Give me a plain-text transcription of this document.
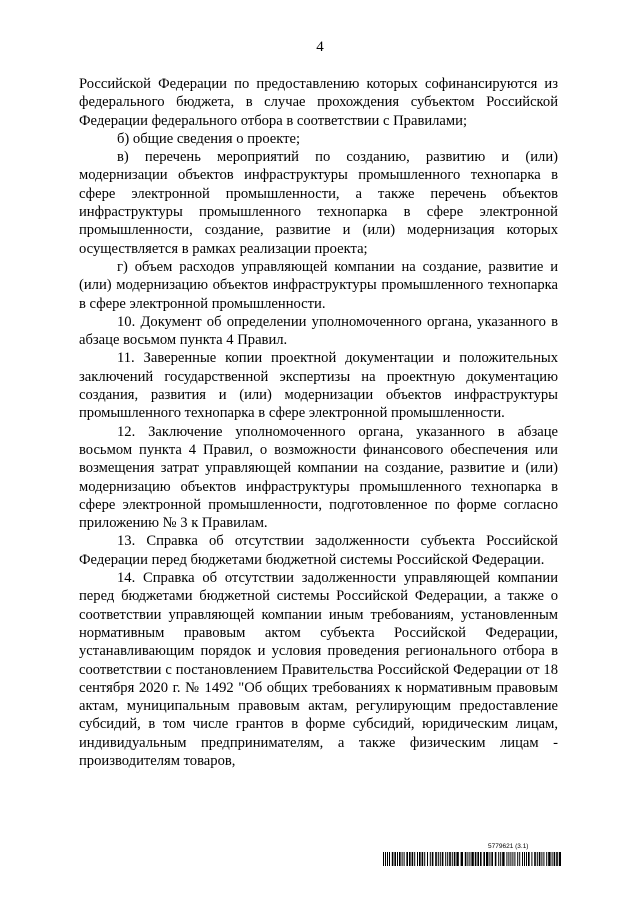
4

Российской Федерации по предоставлению которых софинансируются из федерального бюджета, в случае прохождения субъектом Российской Федерации федерального отбора в соответствии с Правилами;

б) общие сведения о проекте;

в) перечень мероприятий по созданию, развитию и (или) модернизации объектов инфраструктуры промышленного технопарка в сфере электронной промышленности, а также перечень объектов инфраструктуры промышленного технопарка в сфере электронной промышленности, создание, развитие и (или) модернизация которых осуществляется в рамках реализации проекта;

г) объем расходов управляющей компании на создание, развитие и (или) модернизацию объектов инфраструктуры промышленного технопарка в сфере электронной промышленности.

10. Документ об определении уполномоченного органа, указанного в абзаце восьмом пункта 4 Правил.

11. Заверенные копии проектной документации и положительных заключений государственной экспертизы на проектную документацию создания, развития и (или) модернизации объектов инфраструктуры промышленного технопарка в сфере электронной промышленности.

12. Заключение уполномоченного органа, указанного в абзаце восьмом пункта 4 Правил, о возможности финансового обеспечения или возмещения затрат управляющей компании на создание, развитие и (или) модернизацию объектов инфраструктуры промышленного технопарка в сфере электронной промышленности, подготовленное по форме согласно приложению № 3 к Правилам.

13. Справка об отсутствии задолженности субъекта Российской Федерации перед бюджетами бюджетной системы Российской Федерации.

14. Справка об отсутствии задолженности управляющей компании перед бюджетами бюджетной системы Российской Федерации, а также о соответствии управляющей компании иным требованиям, установленным нормативным правовым актом субъекта Российской Федерации, устанавливающим порядок и условия проведения регионального отбора в соответствии с постановлением Правительства Российской Федерации от 18 сентября 2020 г. № 1492 "Об общих требованиях к нормативным правовым актам, муниципальным правовым актам, регулирующим предоставление субсидий, в том числе грантов в форме субсидий, юридическим лицам, индивидуальным предпринимателям, а также физическим лицам - производителям товаров,

5779621 (3.1)
